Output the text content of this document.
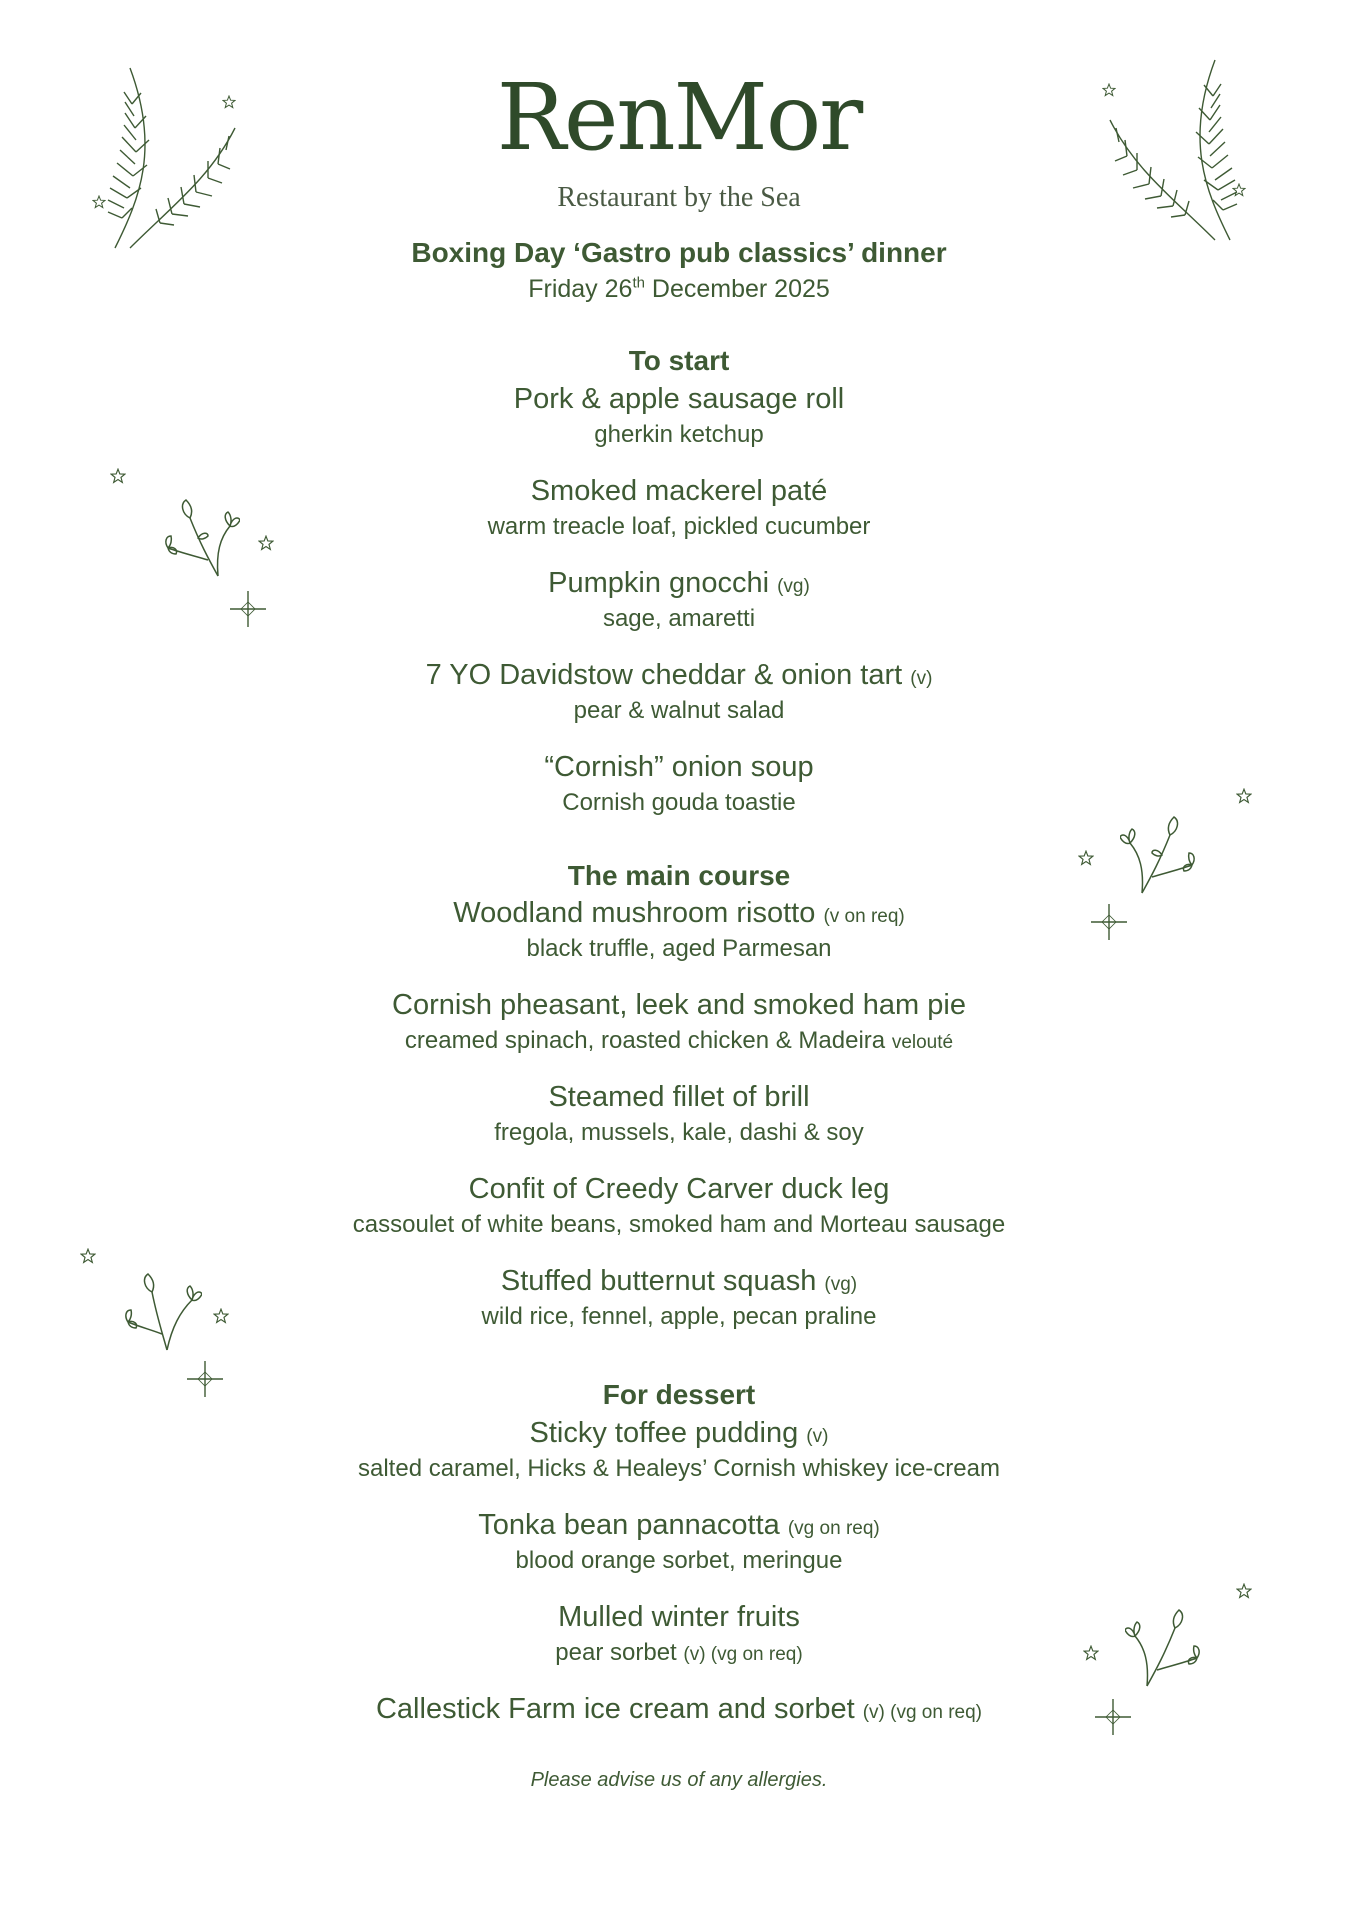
RenMor
Restaurant by the Sea
Boxing Day ‘Gastro pub classics’ dinner
Friday 26th December 2025
To start
Pork & apple sausage roll
gherkin ketchup
Smoked mackerel paté
warm treacle loaf, pickled cucumber
Pumpkin gnocchi (vg)
sage, amaretti
7 YO Davidstow cheddar & onion tart (v)
pear & walnut salad
“Cornish” onion soup
Cornish gouda toastie
The main course
Woodland mushroom risotto (v on req)
black truffle, aged Parmesan
Cornish pheasant, leek and smoked ham pie
creamed spinach, roasted chicken & Madeira velouté
Steamed fillet of brill
fregola, mussels, kale, dashi & soy
Confit of Creedy Carver duck leg
cassoulet of white beans, smoked ham and Morteau sausage
Stuffed butternut squash (vg)
wild rice, fennel, apple, pecan praline
For dessert
Sticky toffee pudding (v)
salted caramel, Hicks & Healeys’ Cornish whiskey ice-cream
Tonka bean pannacotta (vg on req)
blood orange sorbet, meringue
Mulled winter fruits
pear sorbet (v) (vg on req)
Callestick Farm ice cream and sorbet (v) (vg on req)
Please advise us of any allergies.
